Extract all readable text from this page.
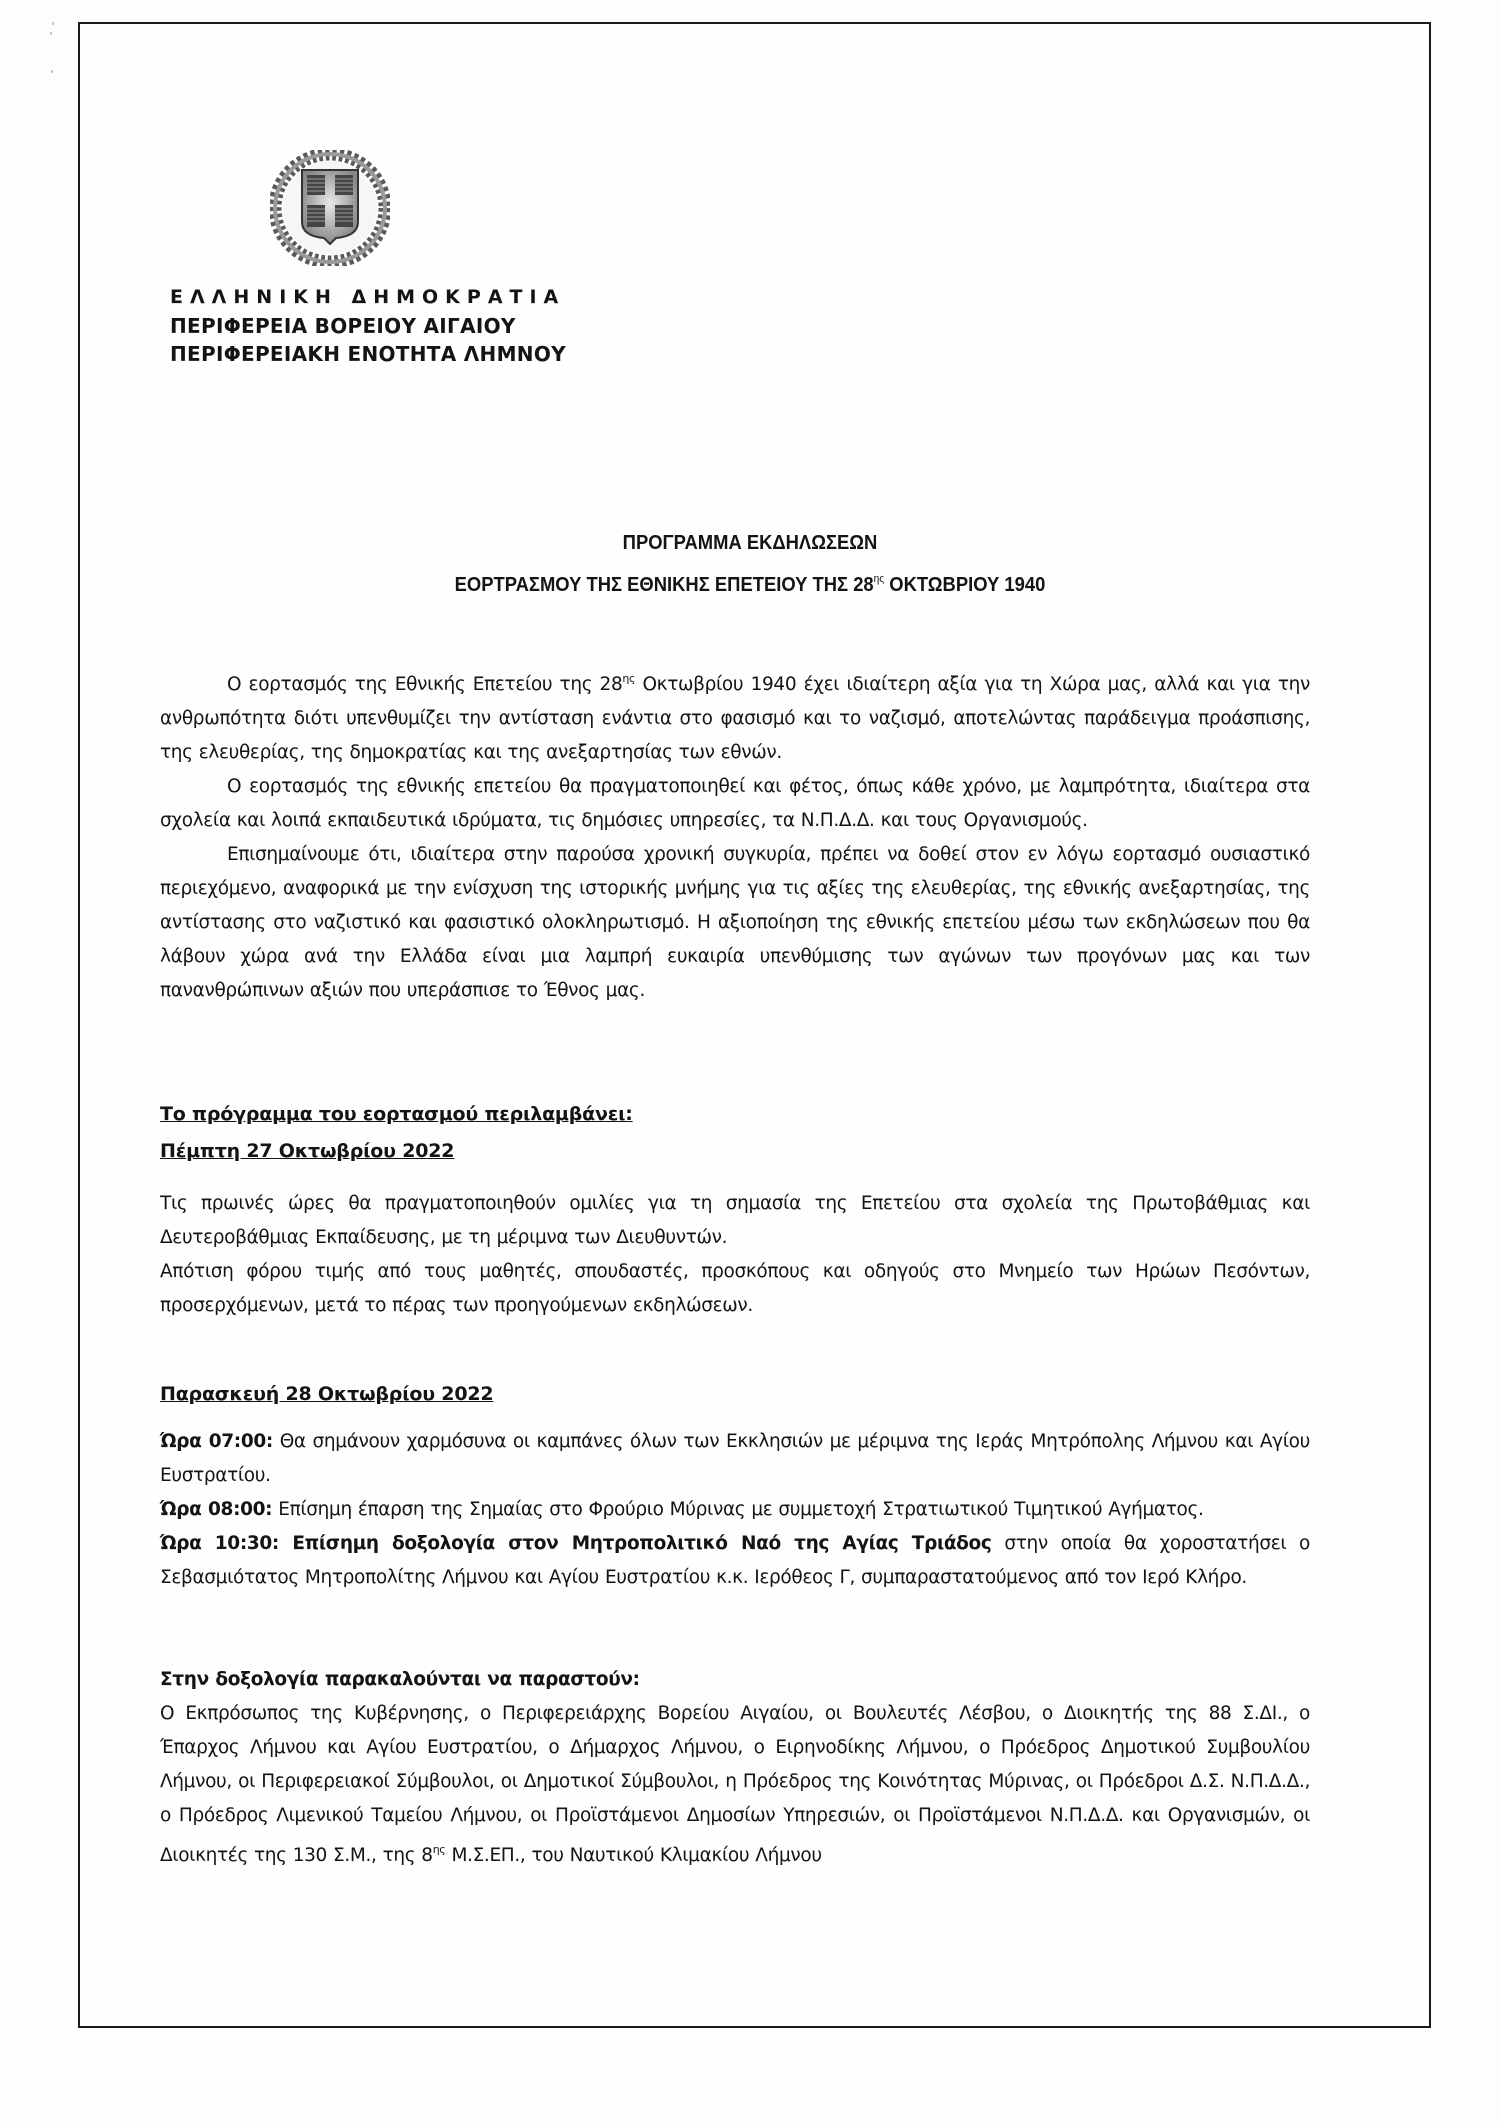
ΕΛΛΗΝΙΚΗ ΔΗΜΟΚΡΑΤΙΑ
ΠΕΡΙΦΕΡΕΙΑ ΒΟΡΕΙΟΥ ΑΙΓΑΙΟΥ
ΠΕΡΙΦΕΡΕΙΑΚΗ ΕΝΟΤΗΤΑ ΛΗΜΝΟΥ
ΠΡΟΓΡΑΜΜΑ ΕΚΔΗΛΩΣΕΩΝ
ΕΟΡΤΡΑΣΜΟΥ ΤΗΣ ΕΘΝΙΚΗΣ ΕΠΕΤΕΙΟΥ ΤΗΣ $28^{\eta\varsigma}$ ΟΚΤΩΒΡΙΟΥ 1940

Ο εορτασμός της Εθνικής Επετείου της $28^{\eta\varsigma}$ Οκτωβρίου 1940 έχει ιδιαίτερη αξία για τη Χώρα μας, αλλά και για την ανθρωπότητα διότι υπενθυμίζει την αντίσταση ενάντια στο φασισμό και το ναζισμό, αποτελώντας παράδειγμα προάσπισης, της ελευθερίας, της δημοκρατίας και της ανεξαρτησίας των εθνών.

Ο εορτασμός της εθνικής επετείου θα πραγματοποιηθεί και φέτος, όπως κάθε χρόνο, με λαμπρότητα, ιδιαίτερα στα σχολεία και λοιπά εκπαιδευτικά ιδρύματα, τις δημόσιες υπηρεσίες, τα Ν.Π.Δ.Δ. και τους Οργανισμούς.

Επισημαίνουμε ότι, ιδιαίτερα στην παρούσα χρονική συγκυρία, πρέπει να δοθεί στον εν λόγω εορτασμό ουσιαστικό περιεχόμενο, αναφορικά με την ενίσχυση της ιστορικής μνήμης για τις αξίες της ελευθερίας, της εθνικής ανεξαρτησίας, της αντίστασης στο ναζιστικό και φασιστικό ολοκληρωτισμό. Η αξιοποίηση της εθνικής επετείου μέσω των εκδηλώσεων που θα λάβουν χώρα ανά την Ελλάδα είναι μια λαμπρή ευκαιρία υπενθύμισης των αγώνων των προγόνων μας και των πανανθρώπινων αξιών που υπεράσπισε το Έθνος μας.

Το πρόγραμμα του εορτασμού περιλαμβάνει:
Πέμπτη 27 Οκτωβρίου 2022

Τις πρωινές ώρες θα πραγματοποιηθούν ομιλίες για τη σημασία της Επετείου στα σχολεία της Πρωτοβάθμιας και Δευτεροβάθμιας Εκπαίδευσης, με τη μέριμνα των Διευθυντών.

Απότιση φόρου τιμής από τους μαθητές, σπουδαστές, προσκόπους και οδηγούς στο Μνημείο των Ηρώων Πεσόντων, προσερχόμενων, μετά το πέρας των προηγούμενων εκδηλώσεων.

Παρασκευή 28 Οκτωβρίου 2022

Ώρα 07:00: Θα σημάνουν χαρμόσυνα οι καμπάνες όλων των Εκκλησιών με μέριμνα της Ιεράς Μητρόπολης Λήμνου και Αγίου Ευστρατίου.

Ώρα 08:00: Επίσημη έπαρση της Σημαίας στο Φρούριο Μύρινας με συμμετοχή Στρατιωτικού Τιμητικού Αγήματος.

Ώρα 10:30: Επίσημη δοξολογία στον Μητροπολιτικό Ναό της Αγίας Τριάδος στην οποία θα χοροστατήσει ο Σεβασμιότατος Μητροπολίτης Λήμνου και Αγίου Ευστρατίου κ.κ. Ιερόθεος Γ, συμπαραστατούμενος από τον Ιερό Κλήρο.

Στην δοξολογία παρακαλούνται να παραστούν:

Ο Εκπρόσωπος της Κυβέρνησης, ο Περιφερειάρχης Βορείου Αιγαίου, οι Βουλευτές Λέσβου, ο Διοικητής της 88 Σ.ΔΙ., ο Έπαρχος Λήμνου και Αγίου Ευστρατίου, ο Δήμαρχος Λήμνου, ο Ειρηνοδίκης Λήμνου, ο Πρόεδρος Δημοτικού Συμβουλίου Λήμνου, οι Περιφερειακοί Σύμβουλοι, οι Δημοτικοί Σύμβουλοι, η Πρόεδρος της Κοινότητας Μύρινας, οι Πρόεδροι Δ.Σ. Ν.Π.Δ.Δ., ο Πρόεδρος Λιμενικού Ταμείου Λήμνου, οι Προϊστάμενοι Δημοσίων Υπηρεσιών, οι Προϊστάμενοι Ν.Π.Δ.Δ. και Οργανισμών, οι Διοικητές της 130 Σ.Μ., της $8^{\eta\varsigma}$ Μ.Σ.ΕΠ., του Ναυτικού Κλιμακίου Λήμνου
